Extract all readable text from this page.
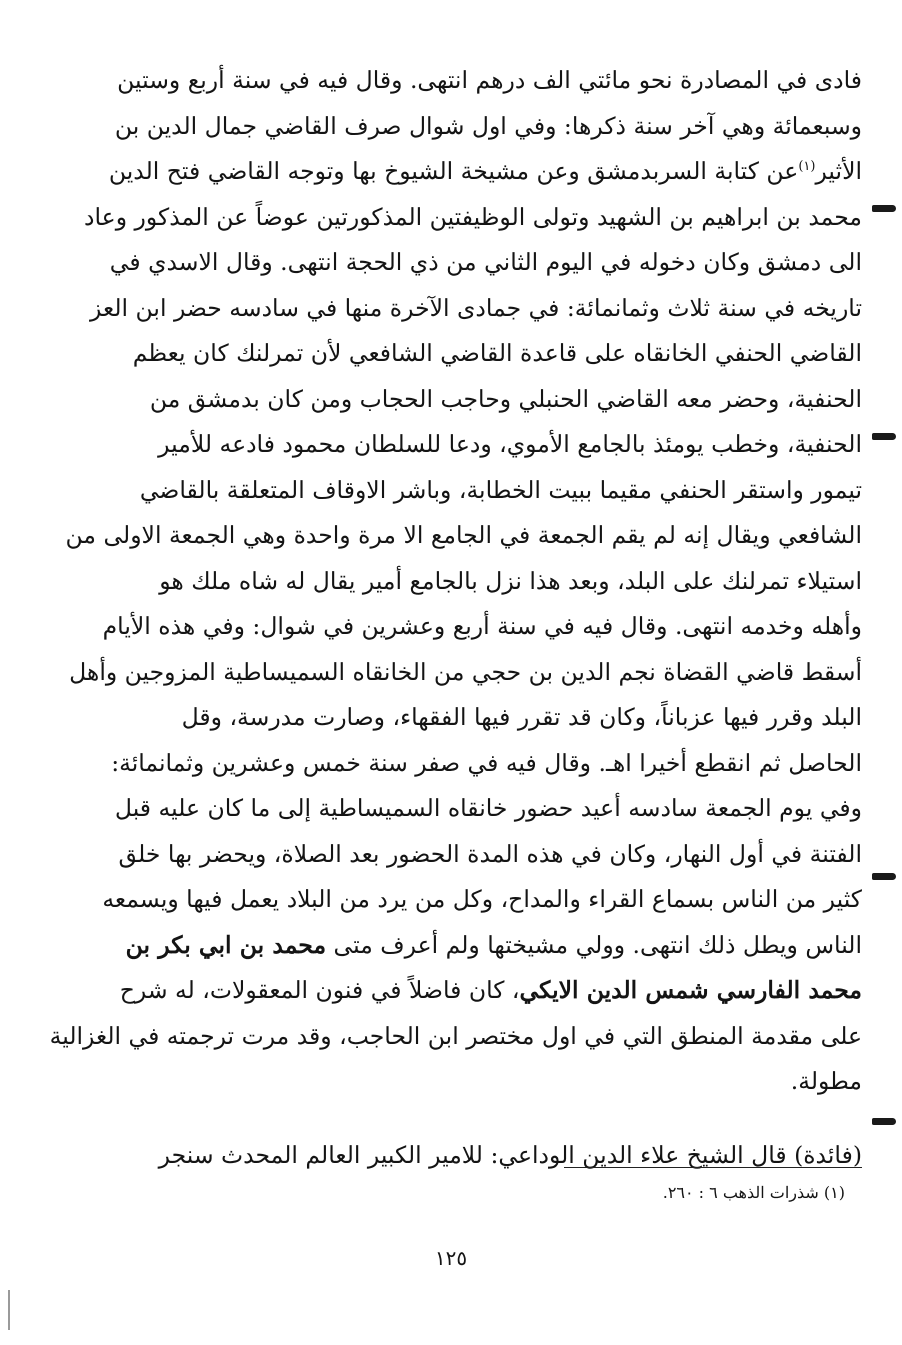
فادى في المصادرة نحو مائتي الف درهم انتهى. وقال فيه في سنة أربع وستين
وسبعمائة وهي آخر سنة ذكرها: وفي اول شوال صرف القاضي جمال الدين بن
الأثير$^{(١)}$عن كتابة السربدمشق وعن مشيخة الشيوخ بها وتوجه القاضي فتح الدين
محمد بن ابراهيم بن الشهيد وتولى الوظيفتين المذكورتين عوضاً عن المذكور وعاد
الى دمشق وكان دخوله في اليوم الثاني من ذي الحجة انتهى. وقال الاسدي في
تاريخه في سنة ثلاث وثمانمائة: في جمادى الآخرة منها في سادسه حضر ابن العز
القاضي الحنفي الخانقاه على قاعدة القاضي الشافعي لأن تمرلنك كان يعظم
الحنفية، وحضر معه القاضي الحنبلي وحاجب الحجاب ومن كان بدمشق من
الحنفية، وخطب يومئذ بالجامع الأموي، ودعا للسلطان محمود فادعه للأمير
تيمور واستقر الحنفي مقيما ببيت الخطابة، وباشر الاوقاف المتعلقة بالقاضي
الشافعي ويقال إنه لم يقم الجمعة في الجامع الا مرة واحدة وهي الجمعة الاولى من
استيلاء تمرلنك على البلد، وبعد هذا نزل بالجامع أمير يقال له شاه ملك هو
وأهله وخدمه انتهى. وقال فيه في سنة أربع وعشرين في شوال: وفي هذه الأيام
أسقط قاضي القضاة نجم الدين بن حجي من الخانقاه السميساطية المزوجين وأهل
البلد وقرر فيها عزباناً، وكان قد تقرر فيها الفقهاء، وصارت مدرسة، وقل
الحاصل ثم انقطع أخيرا اهـ. وقال فيه في صفر سنة خمس وعشرين وثمانمائة:
وفي يوم الجمعة سادسه أعيد حضور خانقاه السميساطية إلى ما كان عليه قبل
الفتنة في أول النهار، وكان في هذه المدة الحضور بعد الصلاة، ويحضر بها خلق
كثير من الناس بسماع القراء والمداح، وكل من يرد من البلاد يعمل فيها ويسمعه
الناس ويطل ذلك انتهى. وولي مشيختها ولم أعرف متى محمد بن ابي بكر بن
محمد الفارسي شمس الدين الايكي، كان فاضلاً في فنون المعقولات، له شرح
على مقدمة المنطق التي في اول مختصر ابن الحاجب، وقد مرت ترجمته في الغزالية
مطولة.
(فائدة) قال الشيخ علاء الدين الوداعي: للامير الكبير العالم المحدث سنجر
(١) شذرات الذهب ٦ : ٢٦٠.
١٢٥
